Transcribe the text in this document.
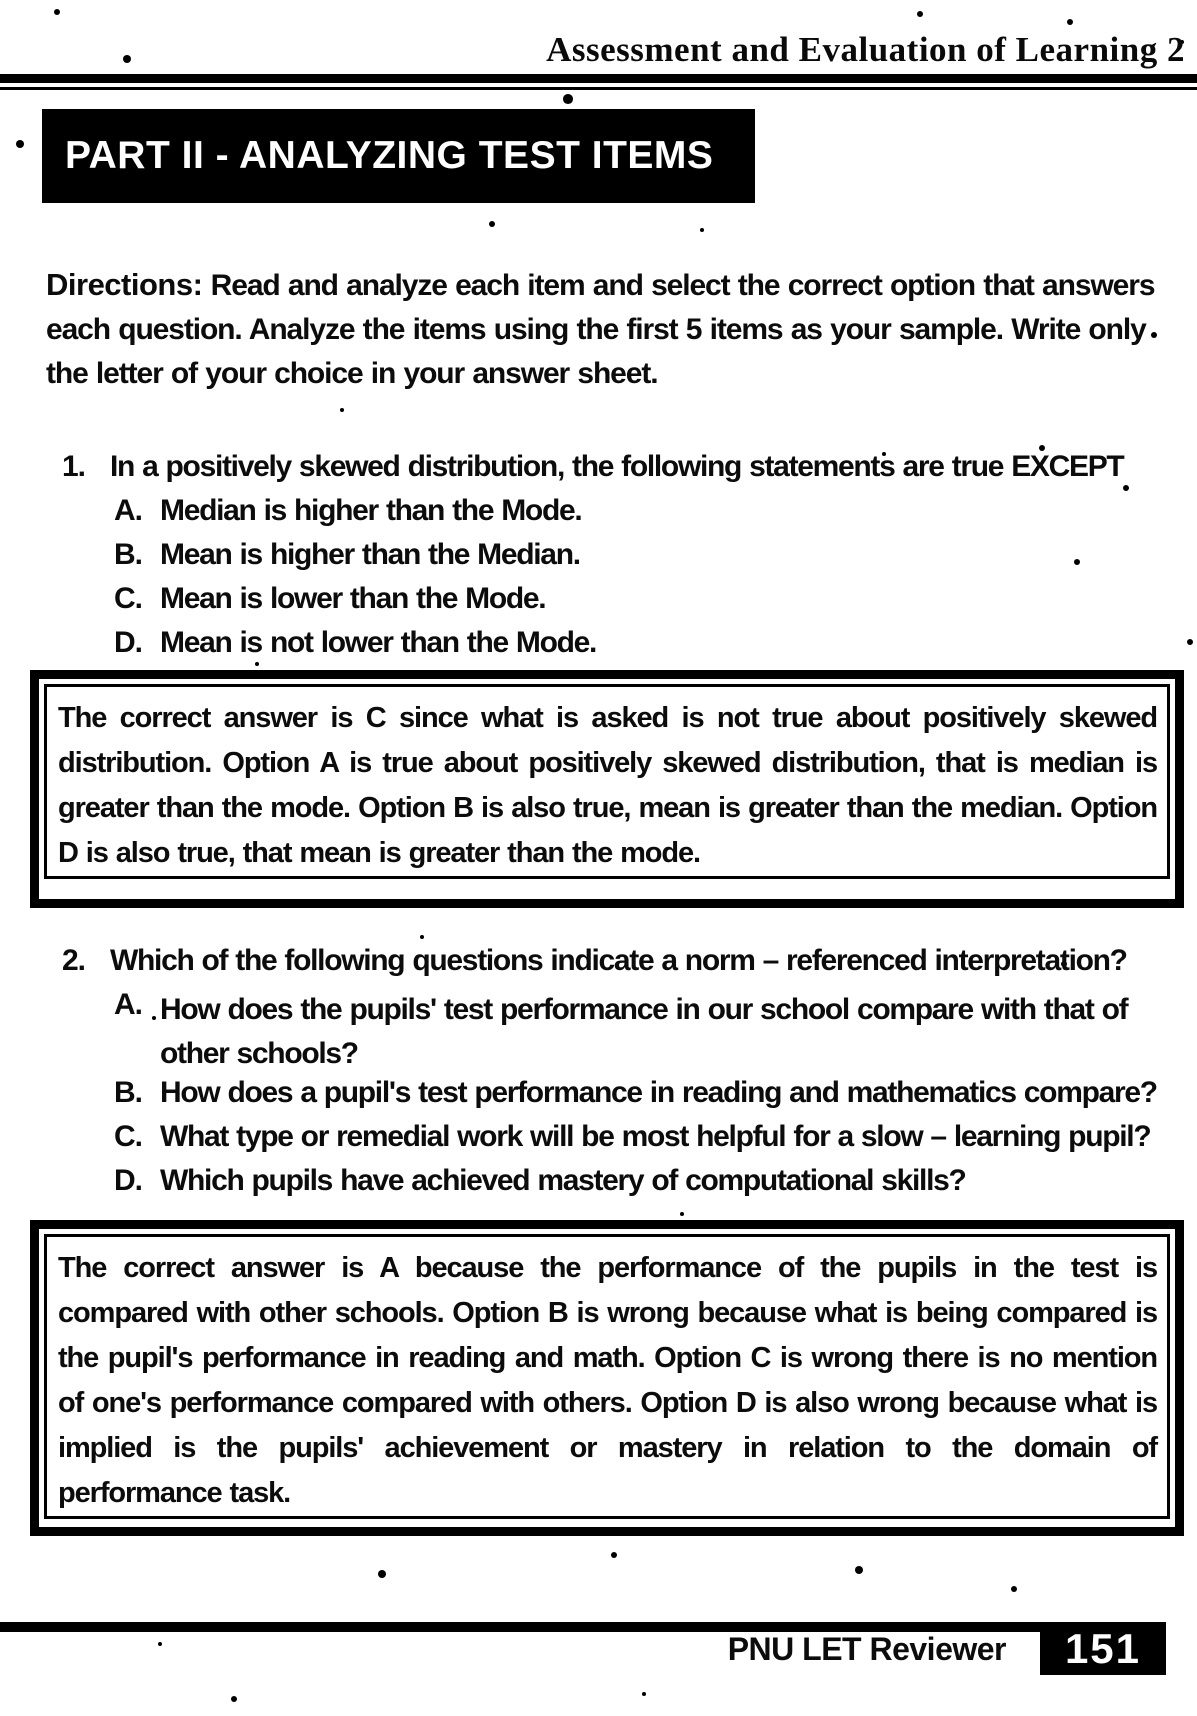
Assessment and Evaluation of Learning 2
PART II - ANALYZING TEST ITEMS
Directions: Read and analyze each item and select the correct option that answers each question. Analyze the items using the first 5 items as your sample. Write only the letter of your choice in your answer sheet.
1. In a positively skewed distribution, the following statements are true EXCEPT
A. Median is higher than the Mode.
B. Mean is higher than the Median.
C. Mean is lower than the Mode.
D. Mean is not lower than the Mode.
The correct answer is C since what is asked is not true about positively skewed distribution. Option A is true about positively skewed distribution, that is median is greater than the mode. Option B is also true, mean is greater than the median. Option D is also true, that mean is greater than the mode.
2. Which of the following questions indicate a norm – referenced interpretation?
A. How does the pupils' test performance in our school compare with that of other schools?
B. How does a pupil's test performance in reading and mathematics compare?
C. What type or remedial work will be most helpful for a slow – learning pupil?
D. Which pupils have achieved mastery of computational skills?
The correct answer is A because the performance of the pupils in the test is compared with other schools. Option B is wrong because what is being compared is the pupil's performance in reading and math. Option C is wrong there is no mention of one's performance compared with others. Option D is also wrong because what is implied is the pupils' achievement or mastery in relation to the domain of performance task.
PNU LET Reviewer 151
